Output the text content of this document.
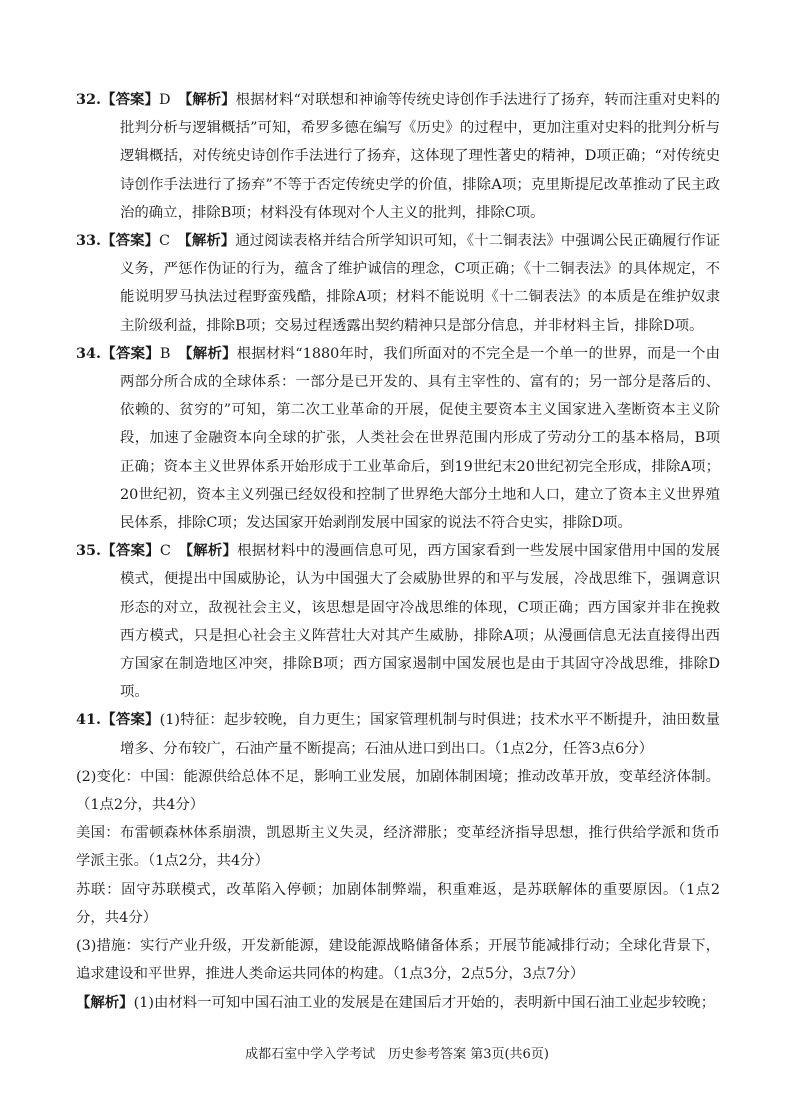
32.【答案】D　 【解析】根据材料“对联想和神谕等传统史诗创作手法进行了扬弃，转而注重对史料的批判分析与逻辑概括”可知，希罗多德在编写《历史》的过程中，更加注重对史料的批判分析与逻辑概括，对传统史诗创作手法进行了扬弃，这体现了理性著史的精神，D项正确；“对传统史诗创作手法进行了扬弃”不等于否定传统史学的价值，排除A项；克里斯提尼改革推动了民主政治的确立，排除B项；材料没有体现对个人主义的批判，排除C项。

33.【答案】C　 【解析】通过阅读表格并结合所学知识可知，《十二铜表法》中强调公民正确履行作证义务，严惩作伪证的行为，蕴含了维护诚信的理念，C项正确；《十二铜表法》的具体规定，不能说明罗马执法过程野蛮残酷，排除A项；材料不能说明《十二铜表法》的本质是在维护奴隶主阶级利益，排除B项；交易过程透露出契约精神只是部分信息，并非材料主旨，排除D项。

34.【答案】B　 【解析】根据材料“1880年时，我们所面对的不完全是一个单一的世界，而是一个由两部分所合成的全球体系：一部分是已开发的、具有主宰性的、富有的；另一部分是落后的、依赖的、贫穷的”可知，第二次工业革命的开展，促使主要资本主义国家进入垄断资本主义阶段，加速了金融资本向全球的扩张，人类社会在世界范围内形成了劳动分工的基本格局，B项正确；资本主义世界体系开始形成于工业革命后，到19世纪末20世纪初完全形成，排除A项；20世纪初，资本主义列强已经奴役和控制了世界绝大部分土地和人口，建立了资本主义世界殖民体系，排除C项；发达国家开始剥削发展中国家的说法不符合史实，排除D项。

35.【答案】C　 【解析】根据材料中的漫画信息可见，西方国家看到一些发展中国家借用中国的发展模式，便提出中国威胁论，认为中国强大了会威胁世界的和平与发展，冷战思维下，强调意识形态的对立，敌视社会主义，该思想是固守冷战思维的体现，C项正确；西方国家并非在挽救西方模式，只是担心社会主义阵营壮大对其产生威胁，排除A项；从漫画信息无法直接得出西方国家在制造地区冲突，排除B项；西方国家遏制中国发展也是由于其固守冷战思维，排除D项。

41.【答案】(1)特征：起步较晚，自力更生；国家管理机制与时俱进；技术水平不断提升，油田数量增多、分布较广，石油产量不断提高；石油从进口到出口。（1点2分，任答3点6分）

(2)变化：中国：能源供给总体不足，影响工业发展，加剧体制困境；推动改革开放，变革经济体制。（1点2分，共4分）

美国：布雷顿森林体系崩溃，凯恩斯主义失灵，经济滞胀；变革经济指导思想，推行供给学派和货币学派主张。（1点2分，共4分）

苏联：固守苏联模式，改革陷入停顿；加剧体制弊端，积重难返，是苏联解体的重要原因。（1点2分，共4分）

(3)措施：实行产业升级，开发新能源，建设能源战略储备体系；开展节能减排行动；全球化背景下，追求建设和平世界，推进人类命运共同体的构建。（1点3分，2点5分，3点7分）

【解析】(1)由材料一可知中国石油工业的发展是在建国后才开始的，表明新中国石油工业起步较晚；

成都石室中学入学考试　历史参考答案 第3页(共6页)
